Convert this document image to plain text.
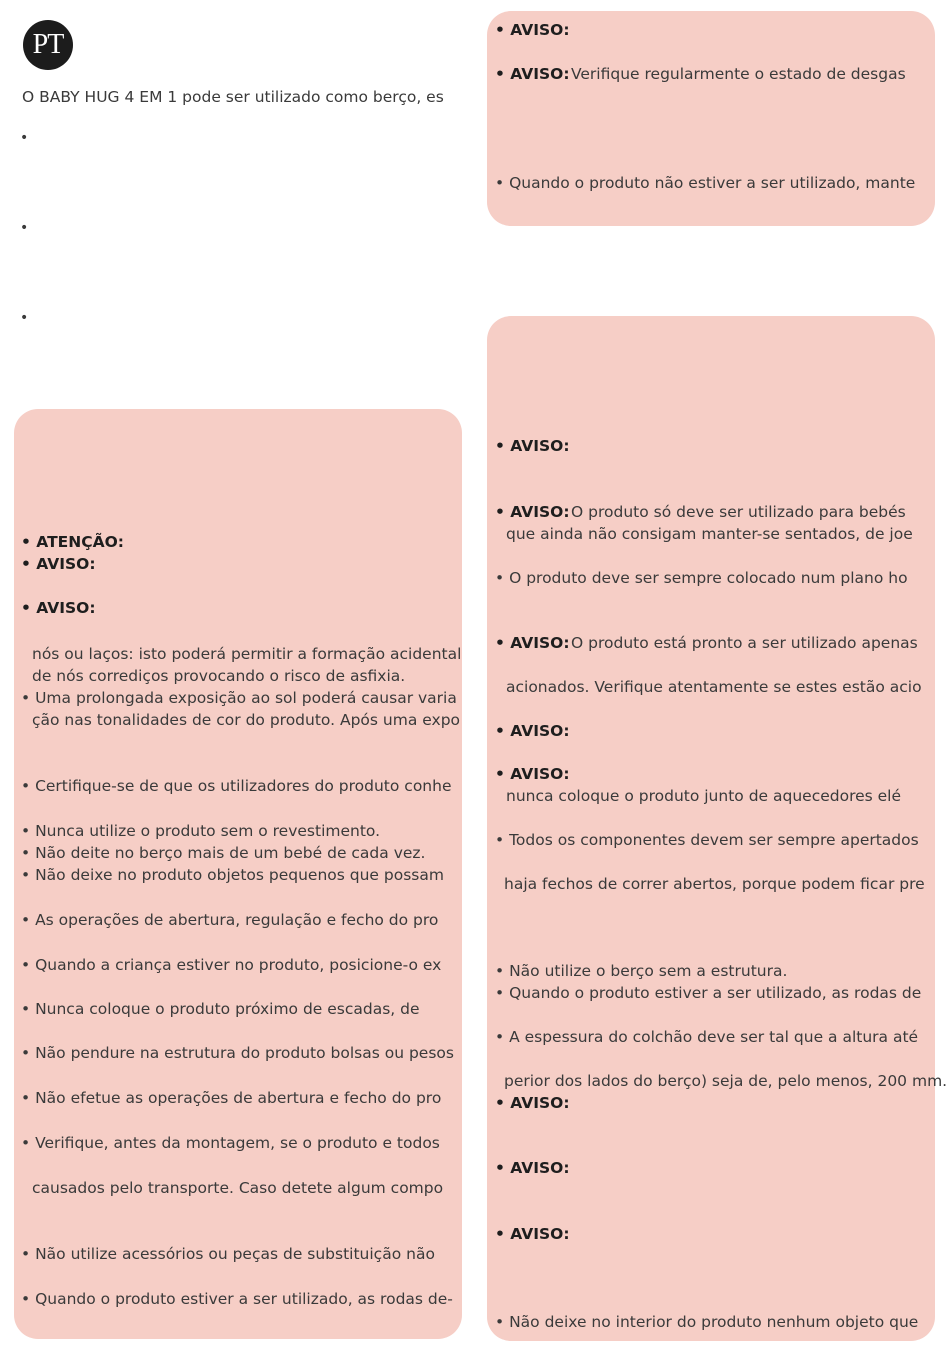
PT
O BABY HUG 4 EM 1 pode ser utilizado como berço, es
•
•
•
• ATENÇÃO:
• AVISO:
• AVISO:
nós ou laços: isto poderá permitir a formação acidental
de nós corrediços provocando o risco de asfixia.
• Uma prolongada exposição ao sol poderá causar varia
ção nas tonalidades de cor do produto. Após uma expo
• Certifique-se de que os utilizadores do produto conhe
• Nunca utilize o produto sem o revestimento.
• Não deite no berço mais de um bebé de cada vez.
• Não deixe no produto objetos pequenos que possam
• As operações de abertura, regulação e fecho do pro
• Quando a criança estiver no produto, posicione-o ex
• Nunca coloque o produto próximo de escadas, de
• Não pendure na estrutura do produto bolsas ou pesos
• Não efetue as operações de abertura e fecho do pro
• Verifique, antes da montagem, se o produto e todos
causados pelo transporte. Caso detete algum compo
• Não utilize acessórios ou peças de substituição não
• Quando o produto estiver a ser utilizado, as rodas de-
• AVISO:
• AVISO: Verifique regularmente o estado de desgas
• Quando o produto não estiver a ser utilizado, mante
• AVISO:
• AVISO: O produto só deve ser utilizado para bebés
que ainda não consigam manter-se sentados, de joe
• O produto deve ser sempre colocado num plano ho
• AVISO: O produto está pronto a ser utilizado apenas
acionados. Verifique atentamente se estes estão acio
• AVISO:
• AVISO:
nunca coloque o produto junto de aquecedores elé
• Todos os componentes devem ser sempre apertados
haja fechos de correr abertos, porque podem ficar pre
• Não utilize o berço sem a estrutura.
• Quando o produto estiver a ser utilizado, as rodas de
• A espessura do colchão deve ser tal que a altura até
perior dos lados do berço) seja de, pelo menos, 200 mm.
• AVISO:
• AVISO:
• AVISO:
• Não deixe no interior do produto nenhum objeto que
